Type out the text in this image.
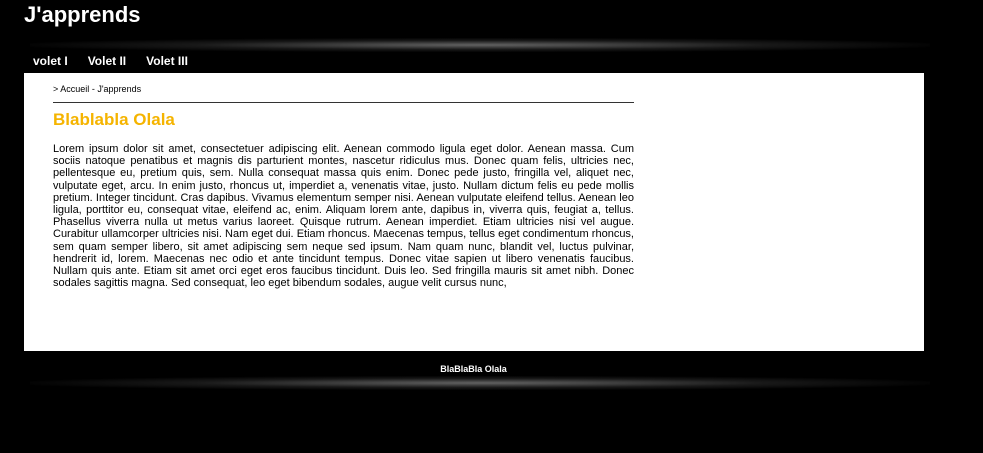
J'apprends
volet I Volet II Volet III
> Accueil - J'apprends
Blablabla Olala

Lorem ipsum dolor sit amet, consectetuer adipiscing elit. Aenean commodo ligula eget dolor. Aenean massa. Cum sociis natoque penatibus et magnis dis parturient montes, nascetur ridiculus mus. Donec quam felis, ultricies nec, pellentesque eu, pretium quis, sem. Nulla consequat massa quis enim. Donec pede justo, fringilla vel, aliquet nec, vulputate eget, arcu. In enim justo, rhoncus ut, imperdiet a, venenatis vitae, justo. Nullam dictum felis eu pede mollis pretium. Integer tincidunt. Cras dapibus. Vivamus elementum semper nisi. Aenean vulputate eleifend tellus. Aenean leo ligula, porttitor eu, consequat vitae, eleifend ac, enim. Aliquam lorem ante, dapibus in, viverra quis, feugiat a, tellus. Phasellus viverra nulla ut metus varius laoreet. Quisque rutrum. Aenean imperdiet. Etiam ultricies nisi vel augue. Curabitur ullamcorper ultricies nisi. Nam eget dui. Etiam rhoncus. Maecenas tempus, tellus eget condimentum rhoncus, sem quam semper libero, sit amet adipiscing sem neque sed ipsum. Nam quam nunc, blandit vel, luctus pulvinar, hendrerit id, lorem. Maecenas nec odio et ante tincidunt tempus. Donec vitae sapien ut libero venenatis faucibus. Nullam quis ante. Etiam sit amet orci eget eros faucibus tincidunt. Duis leo. Sed fringilla mauris sit amet nibh. Donec sodales sagittis magna. Sed consequat, leo eget bibendum sodales, augue velit cursus nunc,

BlaBlaBla Olala
